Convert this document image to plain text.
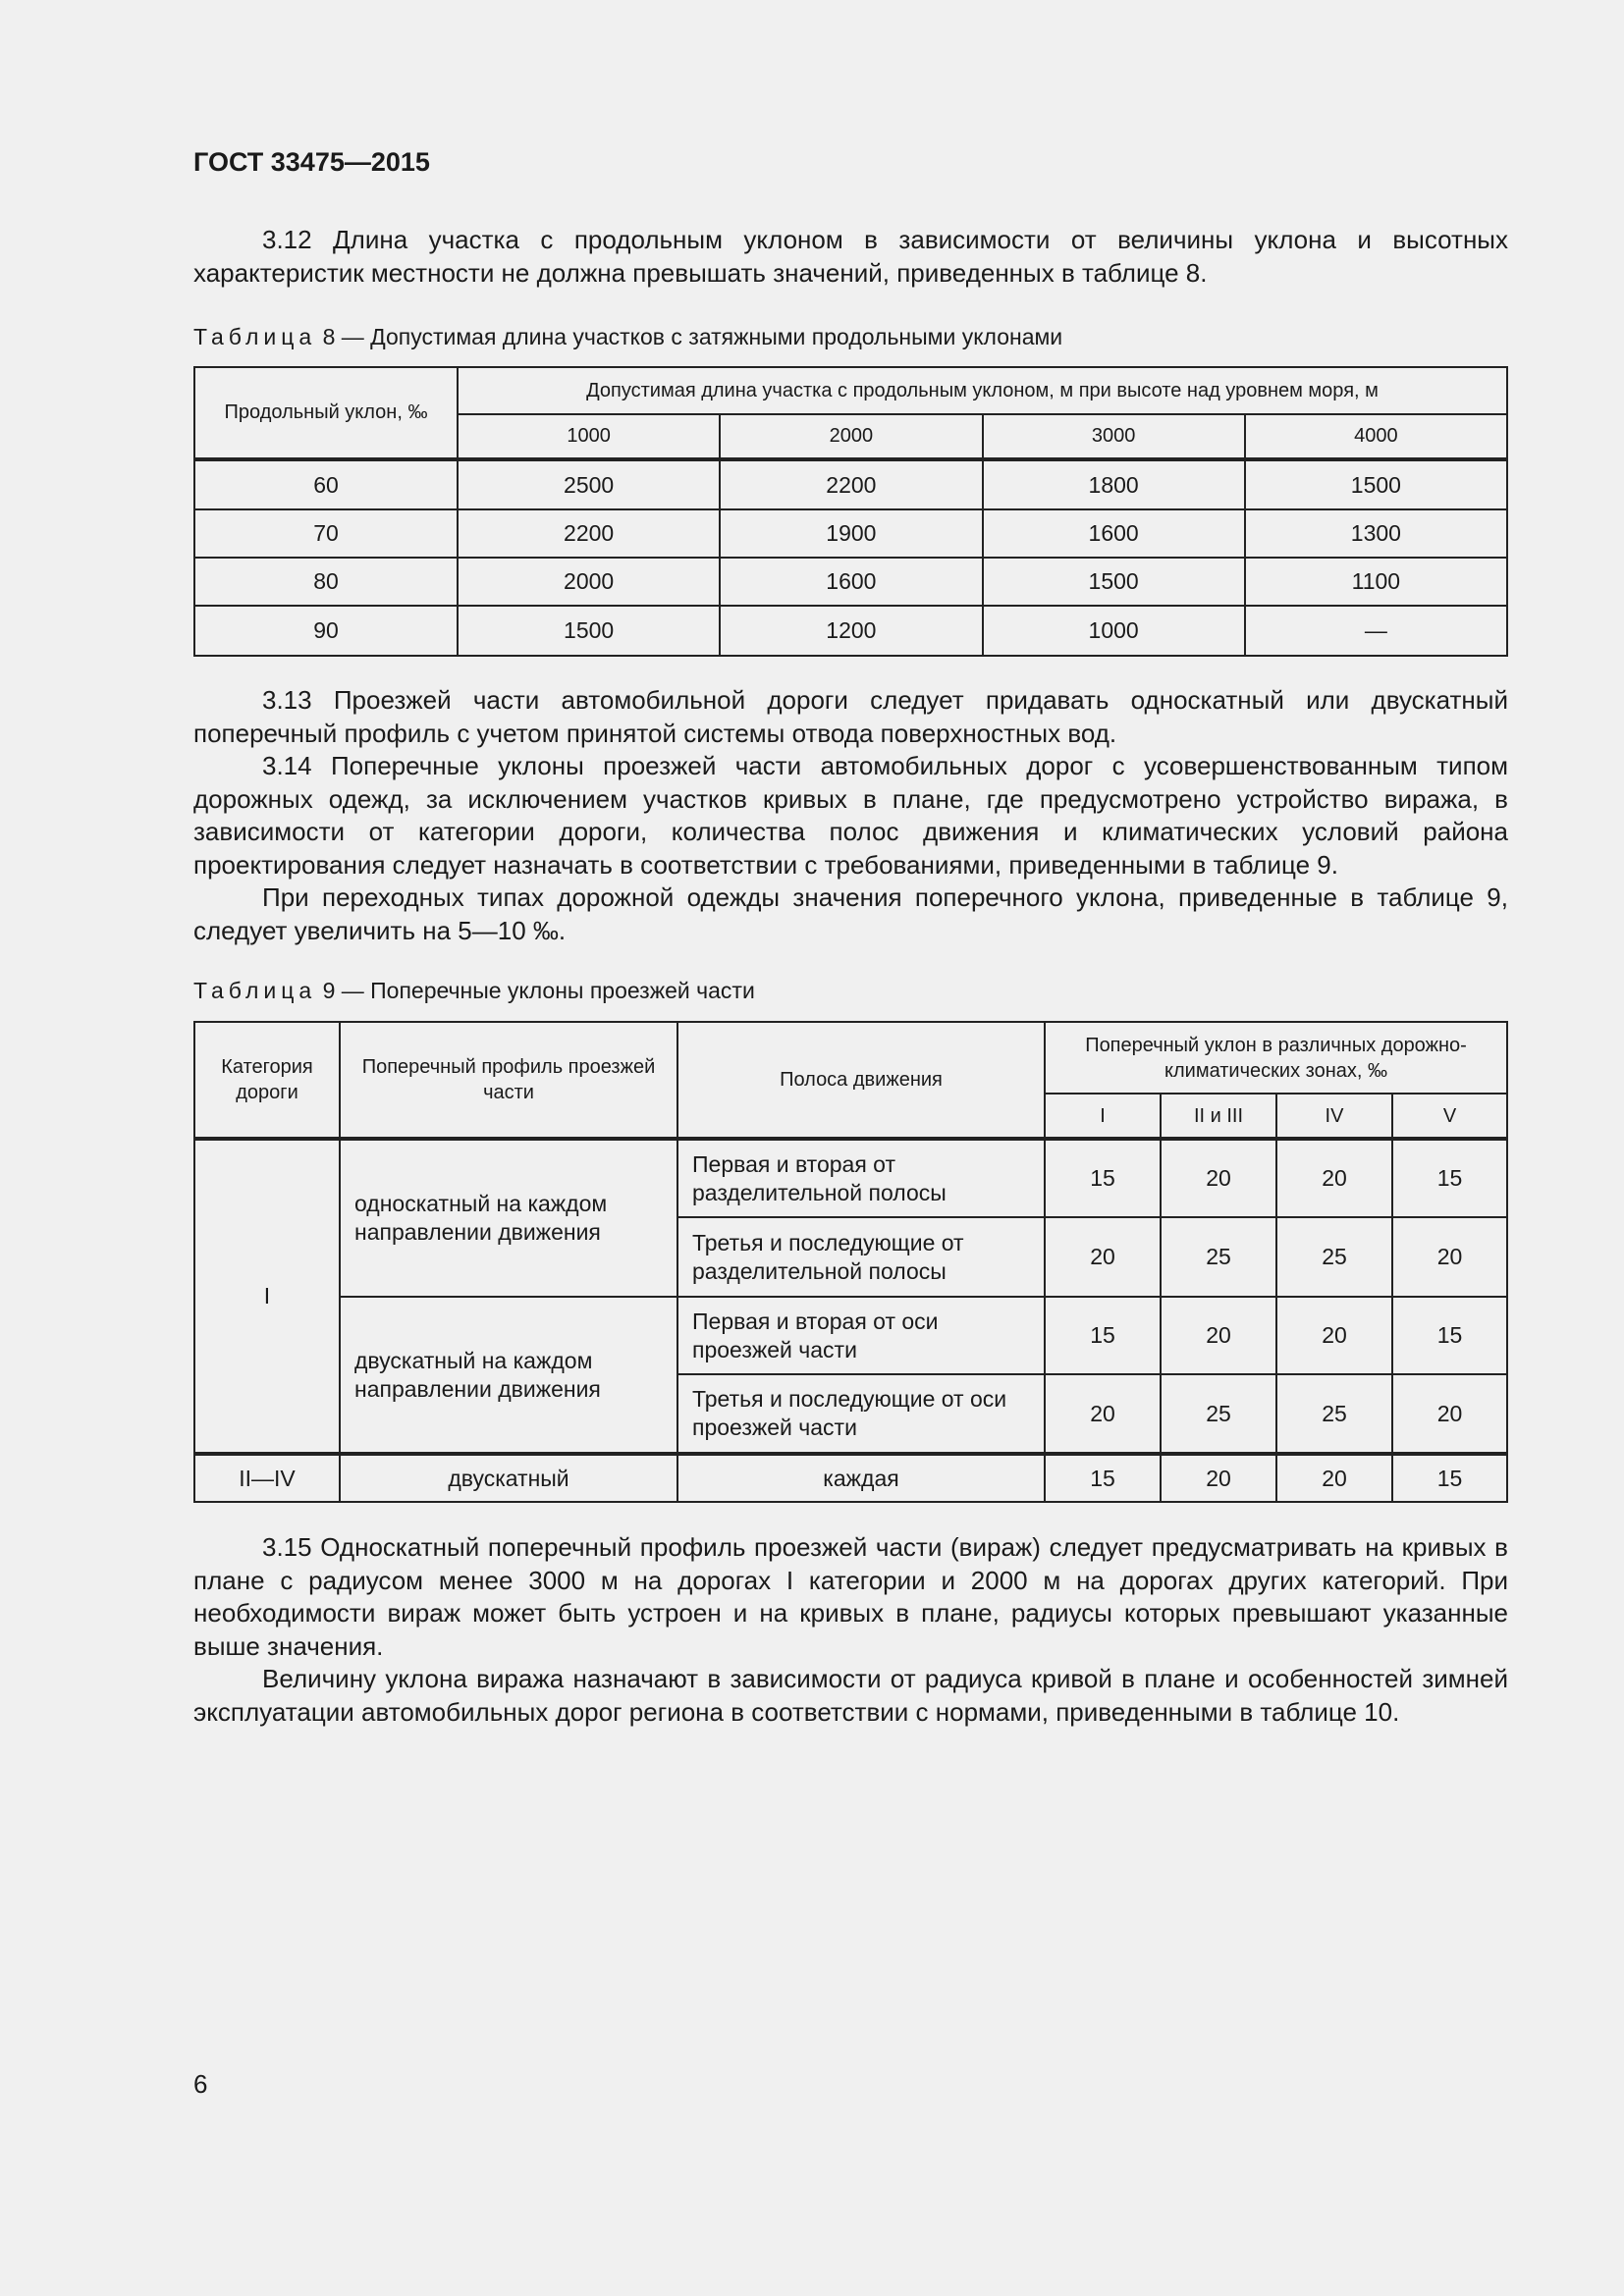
ГОСТ 33475—2015

3.12 Длина участка с продольным уклоном в зависимости от величины уклона и высотных характеристик местности не должна превышать значений, приведенных в таблице 8.

Таблица 8 — Допустимая длина участков с затяжными продольными уклонами
Продольный уклон, ‰	Допустимая длина участка с продольным уклоном, м при высоте над уровнем моря, м			
	1000	2000	3000	4000
60	2500	2200	1800	1500
70	2200	1900	1600	1300
80	2000	1600	1500	1100
90	1500	1200	1000	—

3.13 Проезжей части автомобильной дороги следует придавать односкатный или двускатный поперечный профиль с учетом принятой системы отвода поверхностных вод.

3.14 Поперечные уклоны проезжей части автомобильных дорог с усовершенствованным типом дорожных одежд, за исключением участков кривых в плане, где предусмотрено устройство виража, в зависимости от категории дороги, количества полос движения и климатических условий района проектирования следует назначать в соответствии с требованиями, приведенными в таблице 9.

При переходных типах дорожной одежды значения поперечного уклона, приведенные в таблице 9, следует увеличить на 5—10 ‰.

Таблица 9 — Поперечные уклоны проезжей части
Категория дороги	Поперечный профиль проезжей части	Полоса движения	Поперечный уклон в различных дорожно-климатических зонах, ‰			
			I	II и III	IV	V
I	односкатный на каждом направлении движения	Первая и вторая от разделительной полосы	15	20	20	15
		Третья и последующие от разделительной полосы	20	25	25	20
	двускатный на каждом направлении движения	Первая и вторая от оси проезжей части	15	20	20	15
		Третья и последующие от оси проезжей части	20	25	25	20
II—IV	двускатный	каждая	15	20	20	15

3.15 Односкатный поперечный профиль проезжей части (вираж) следует предусматривать на кривых в плане с радиусом менее 3000 м на дорогах I категории и 2000 м на дорогах других категорий. При необходимости вираж может быть устроен и на кривых в плане, радиусы которых превышают указанные выше значения.

Величину уклона виража назначают в зависимости от радиуса кривой в плане и особенностей зимней эксплуатации автомобильных дорог региона в соответствии с нормами, приведенными в таблице 10.

6
